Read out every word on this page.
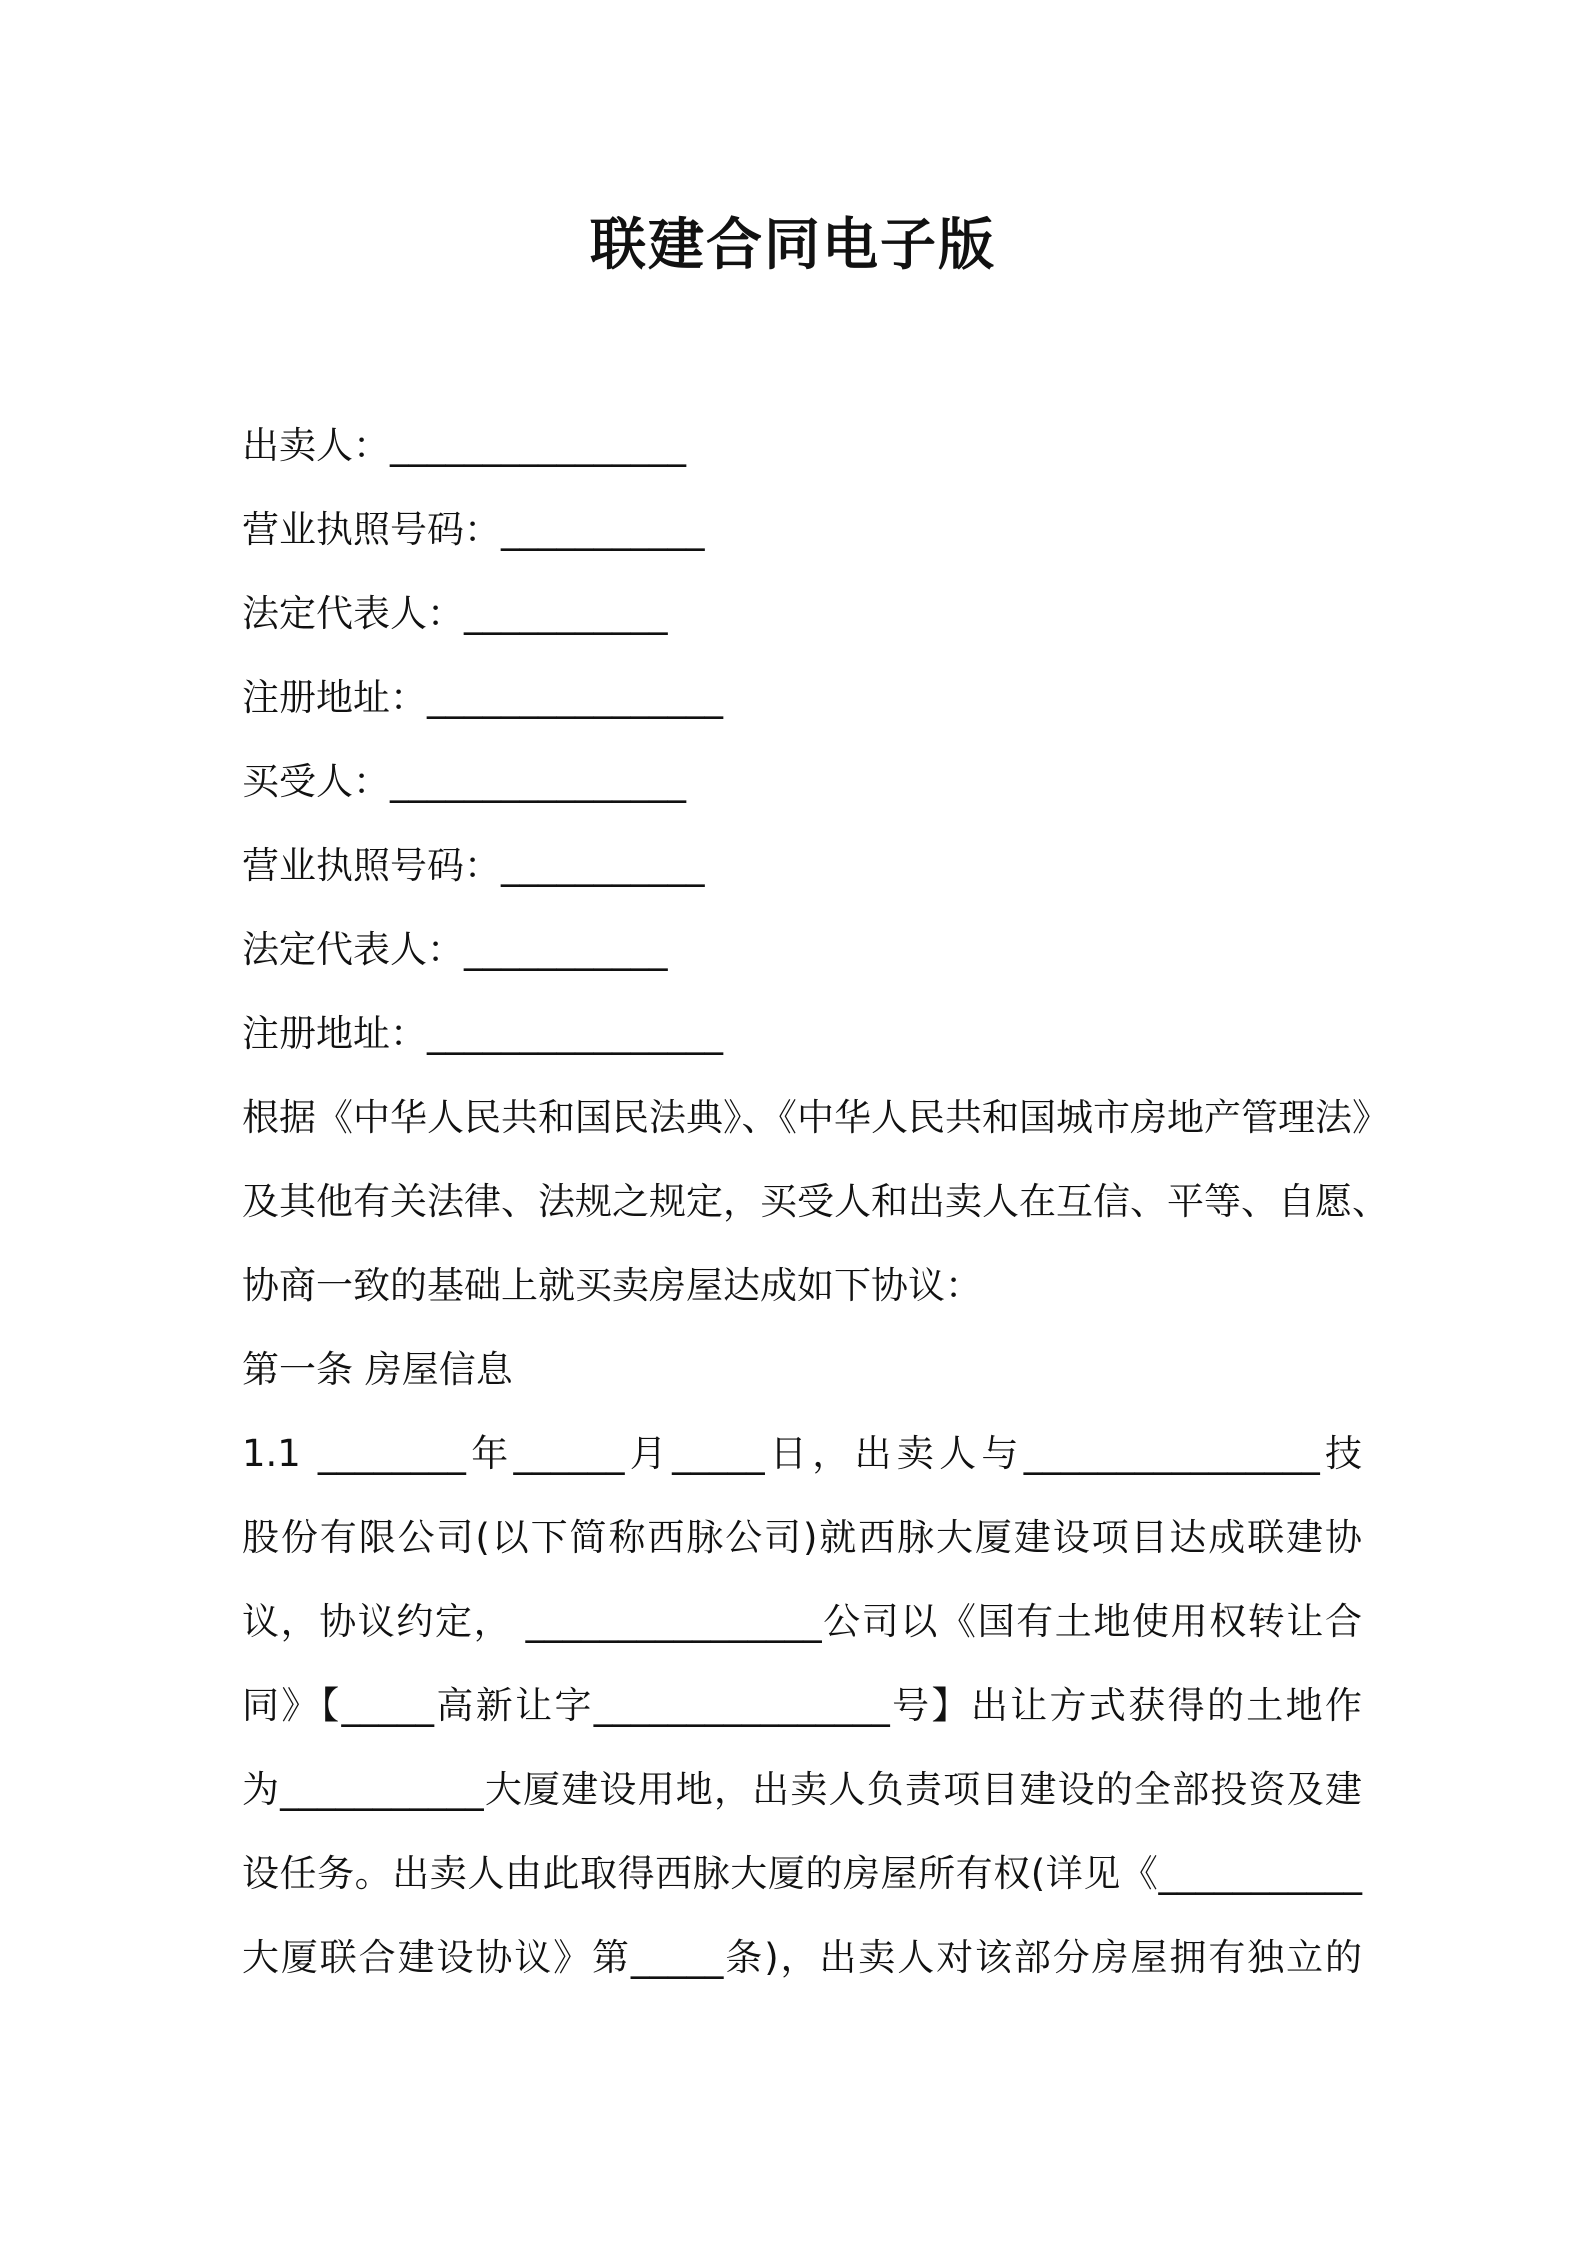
联建合同电子版
出卖人：________________
营业执照号码：___________
法定代表人：___________
注册地址：________________
买受人：________________
营业执照号码：___________
法定代表人：___________
注册地址：________________
根据《中华人民共和国民法典》、《中华人民共和国城市房地产管理法》
及其他有关法律、法规之规定，买受人和出卖人在互信、平等、自愿、
协商一致的基础上就买卖房屋达成如下协议：
第一条 房屋信息
1.1 ________年______月_____日，出卖人与________________技
股份有限公司(以下简称西脉公司)就西脉大厦建设项目达成联建协
议，协议约定， ________________公司以《国有土地使用权转让合
同》【_____高新让字________________号】出让方式获得的土地作
为___________大厦建设用地，出卖人负责项目建设的全部投资及建
设任务。出卖人由此取得西脉大厦的房屋所有权(详见《___________
大厦联合建设协议》第_____条)，出卖人对该部分房屋拥有独立的
